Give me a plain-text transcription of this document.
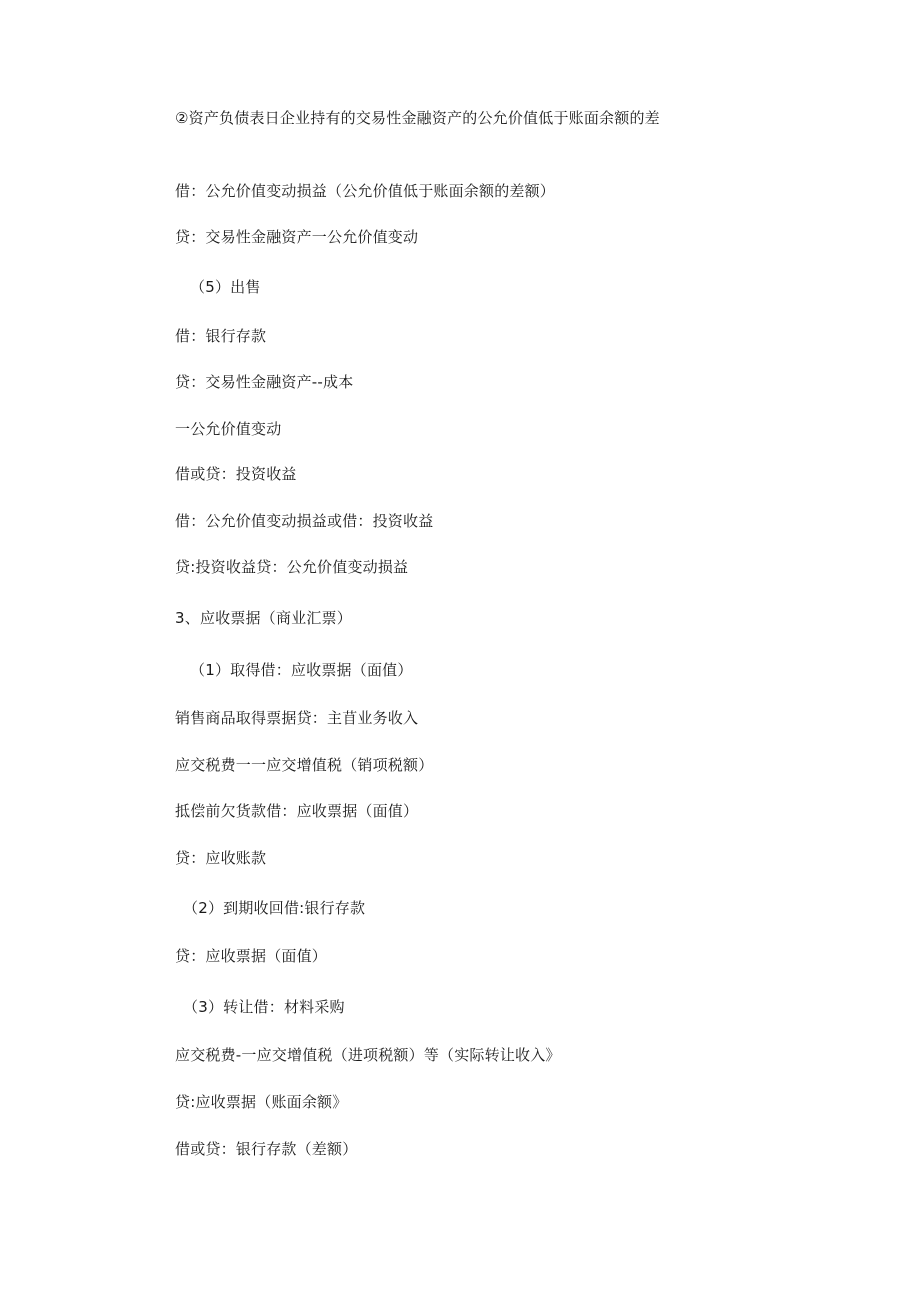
②资产负债表日企业持有的交易性金融资产的公允价值低于账面余额的差
借：公允价值变动损益（公允价值低于账面余额的差额）
贷：交易性金融资产一公允价值变动
（5）出售
借：银行存款
贷：交易性金融资产--成本
一公允价值变动
借或贷：投资收益
借：公允价值变动损益或借：投资收益
贷:投资收益贷：公允价值变动损益
3、应收票据（商业汇票）
（1）取得借：应收票据（面值）
销售商品取得票据贷：主苜业务收入
应交税费一一应交增值税（销项税额）
抵偿前欠货款借：应收票据（面值）
贷：应收账款
（2）到期收回借:银行存款
贷：应收票据（面值）
（3）转让借：材料采购
应交税费-一应交增值税（进项税额）等（实际转让收入》
贷:应收票据（账面余额》
借或贷：银行存款（差额）
